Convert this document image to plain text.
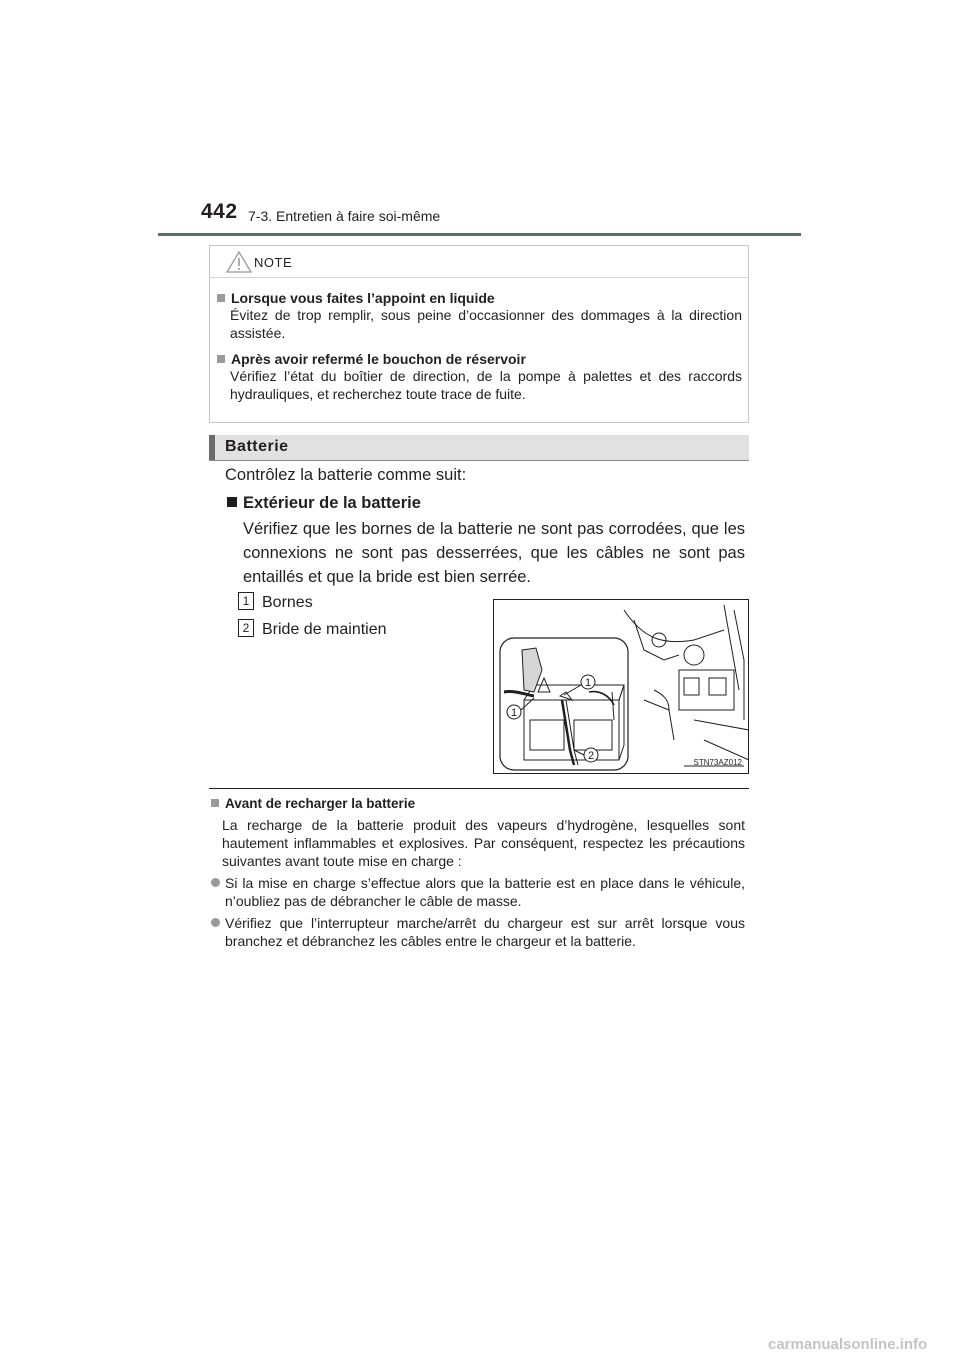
442 7-3. Entretien à faire soi-même
NOTE
Lorsque vous faites l’appoint en liquide
Évitez de trop remplir, sous peine d’occasionner des dommages à la direction assistée.
Après avoir refermé le bouchon de réservoir
Vérifiez l’état du boîtier de direction, de la pompe à palettes et des raccords hydrauliques, et recherchez toute trace de fuite.
Batterie
Contrôlez la batterie comme suit:
Extérieur de la batterie
Vérifiez que les bornes de la batterie ne sont pas corrodées, que les connexions ne sont pas desserrées, que les câbles ne sont pas entaillés et que la bride est bien serrée.
1 Bornes
2 Bride de maintien
1
1
2
STN73AZ012
Avant de recharger la batterie
La recharge de la batterie produit des vapeurs d’hydrogène, lesquelles sont hautement inflammables et explosives. Par conséquent, respectez les précautions suivantes avant toute mise en charge :
Si la mise en charge s’effectue alors que la batterie est en place dans le véhicule, n’oubliez pas de débrancher le câble de masse.
Vérifiez que l’interrupteur marche/arrêt du chargeur est sur arrêt lorsque vous branchez et débranchez les câbles entre le chargeur et la batterie.
carmanualsonline.info
